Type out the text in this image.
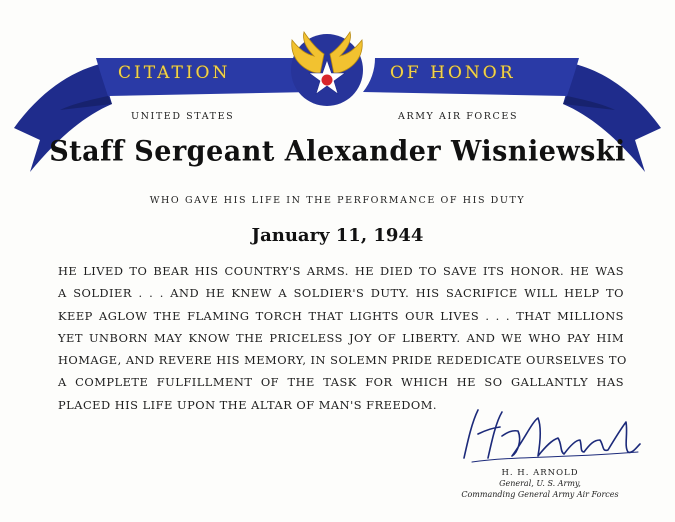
CITATION	OF HONOR
UNITED STATES	ARMY AIR FORCES
Staff Sergeant Alexander Wisniewski
WHO GAVE HIS LIFE IN THE PERFORMANCE OF HIS DUTY
January 11, 1944
HE LIVED TO BEAR HIS COUNTRY'S ARMS. HE DIED TO SAVE ITS HONOR. HE WAS
A SOLDIER . . . AND HE KNEW A SOLDIER'S DUTY. HIS SACRIFICE WILL HELP TO
KEEP AGLOW THE FLAMING TORCH THAT LIGHTS OUR LIVES . . . THAT MILLIONS
YET UNBORN MAY KNOW THE PRICELESS JOY OF LIBERTY. AND WE WHO PAY HIM
HOMAGE, AND REVERE HIS MEMORY, IN SOLEMN PRIDE REDEDICATE OURSELVES TO
A COMPLETE FULFILLMENT OF THE TASK FOR WHICH HE SO GALLANTLY HAS
PLACED HIS LIFE UPON THE ALTAR OF MAN'S FREEDOM.
H. H. ARNOLD
General, U. S. Army,
Commanding General Army Air Forces
